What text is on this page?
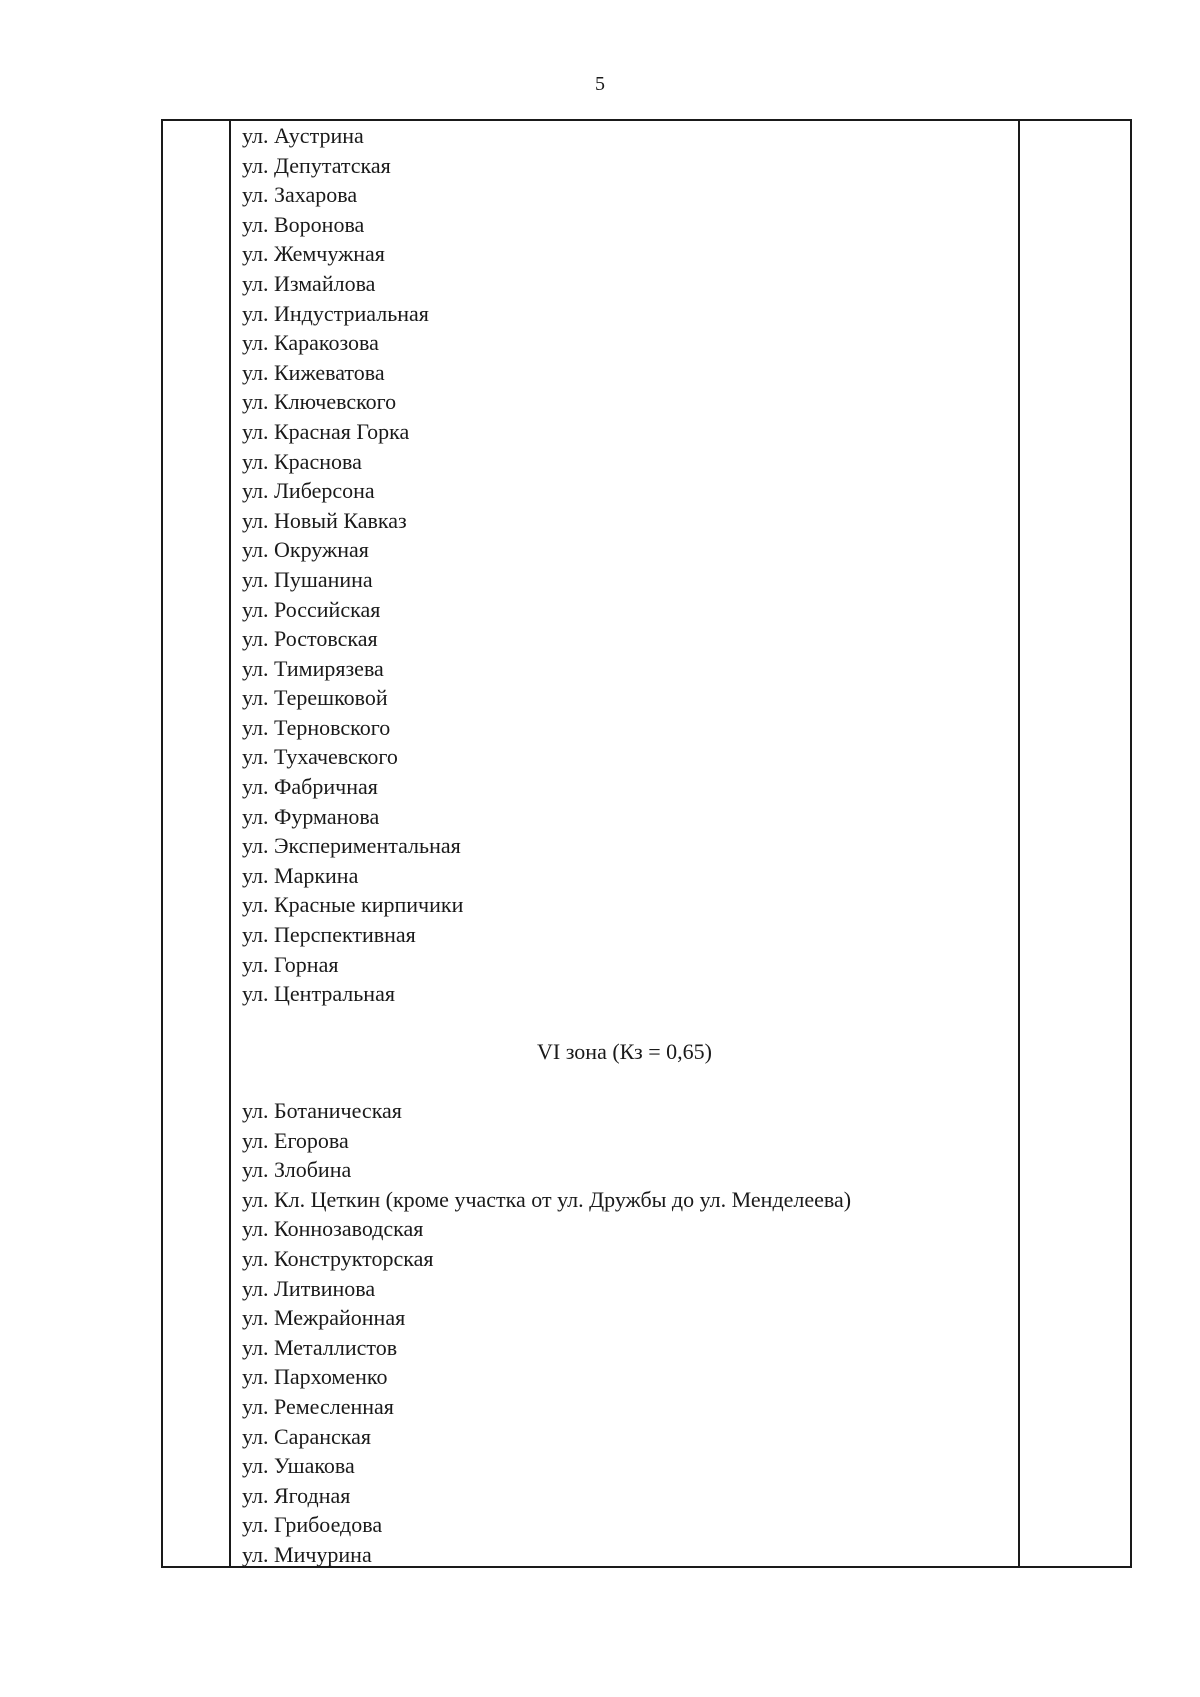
5
ул. Аустрина
ул. Депутатская
ул. Захарова
ул. Воронова
ул. Жемчужная
ул. Измайлова
ул. Индустриальная
ул. Каракозова
ул. Кижеватова
ул. Ключевского
ул. Красная Горка
ул. Краснова
ул. Либерсона
ул. Новый Кавказ
ул. Окружная
ул. Пушанина
ул. Российская
ул. Ростовская
ул. Тимирязева
ул. Терешковой
ул. Терновского
ул. Тухачевского
ул. Фабричная
ул. Фурманова
ул. Экспериментальная
ул. Маркина
ул. Красные кирпичики
ул. Перспективная
ул. Горная
ул. Центральная
VI зона (Кз = 0,65)
ул. Ботаническая
ул. Егорова
ул. Злобина
ул. Кл. Цеткин (кроме участка от ул. Дружбы до ул. Менделеева)
ул. Коннозаводская
ул. Конструкторская
ул. Литвинова
ул. Межрайонная
ул. Металлистов
ул. Пархоменко
ул. Ремесленная
ул. Саранская
ул. Ушакова
ул. Ягодная
ул. Грибоедова
ул. Мичурина
